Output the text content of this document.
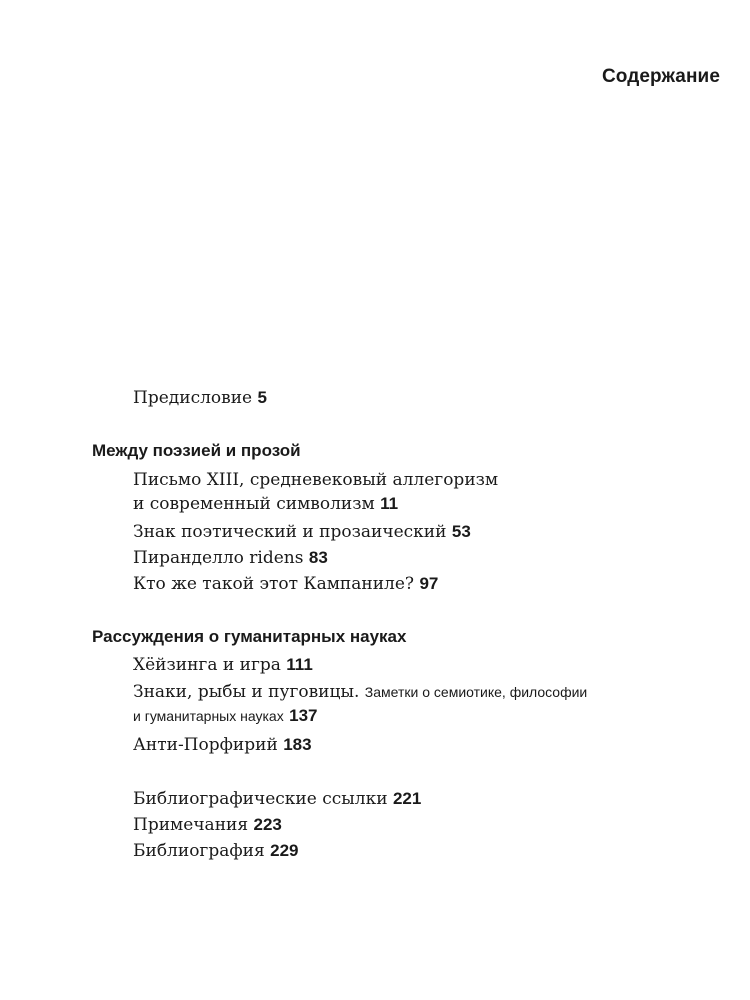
Содержание
Предисловие 5
Между поэзией и прозой
Письмо XIII, средневековый аллегоризм
и современный символизм 11
Знак поэтический и прозаический 53
Пиранделло ridens 83
Кто же такой этот Кампаниле? 97
Рассуждения о гуманитарных науках
Хёйзинга и игра 111
Знаки, рыбы и пуговицы. Заметки о семиотике, философии
и гуманитарных науках 137
Анти-Порфирий 183
Библиографические ссылки 221
Примечания 223
Библиография 229
